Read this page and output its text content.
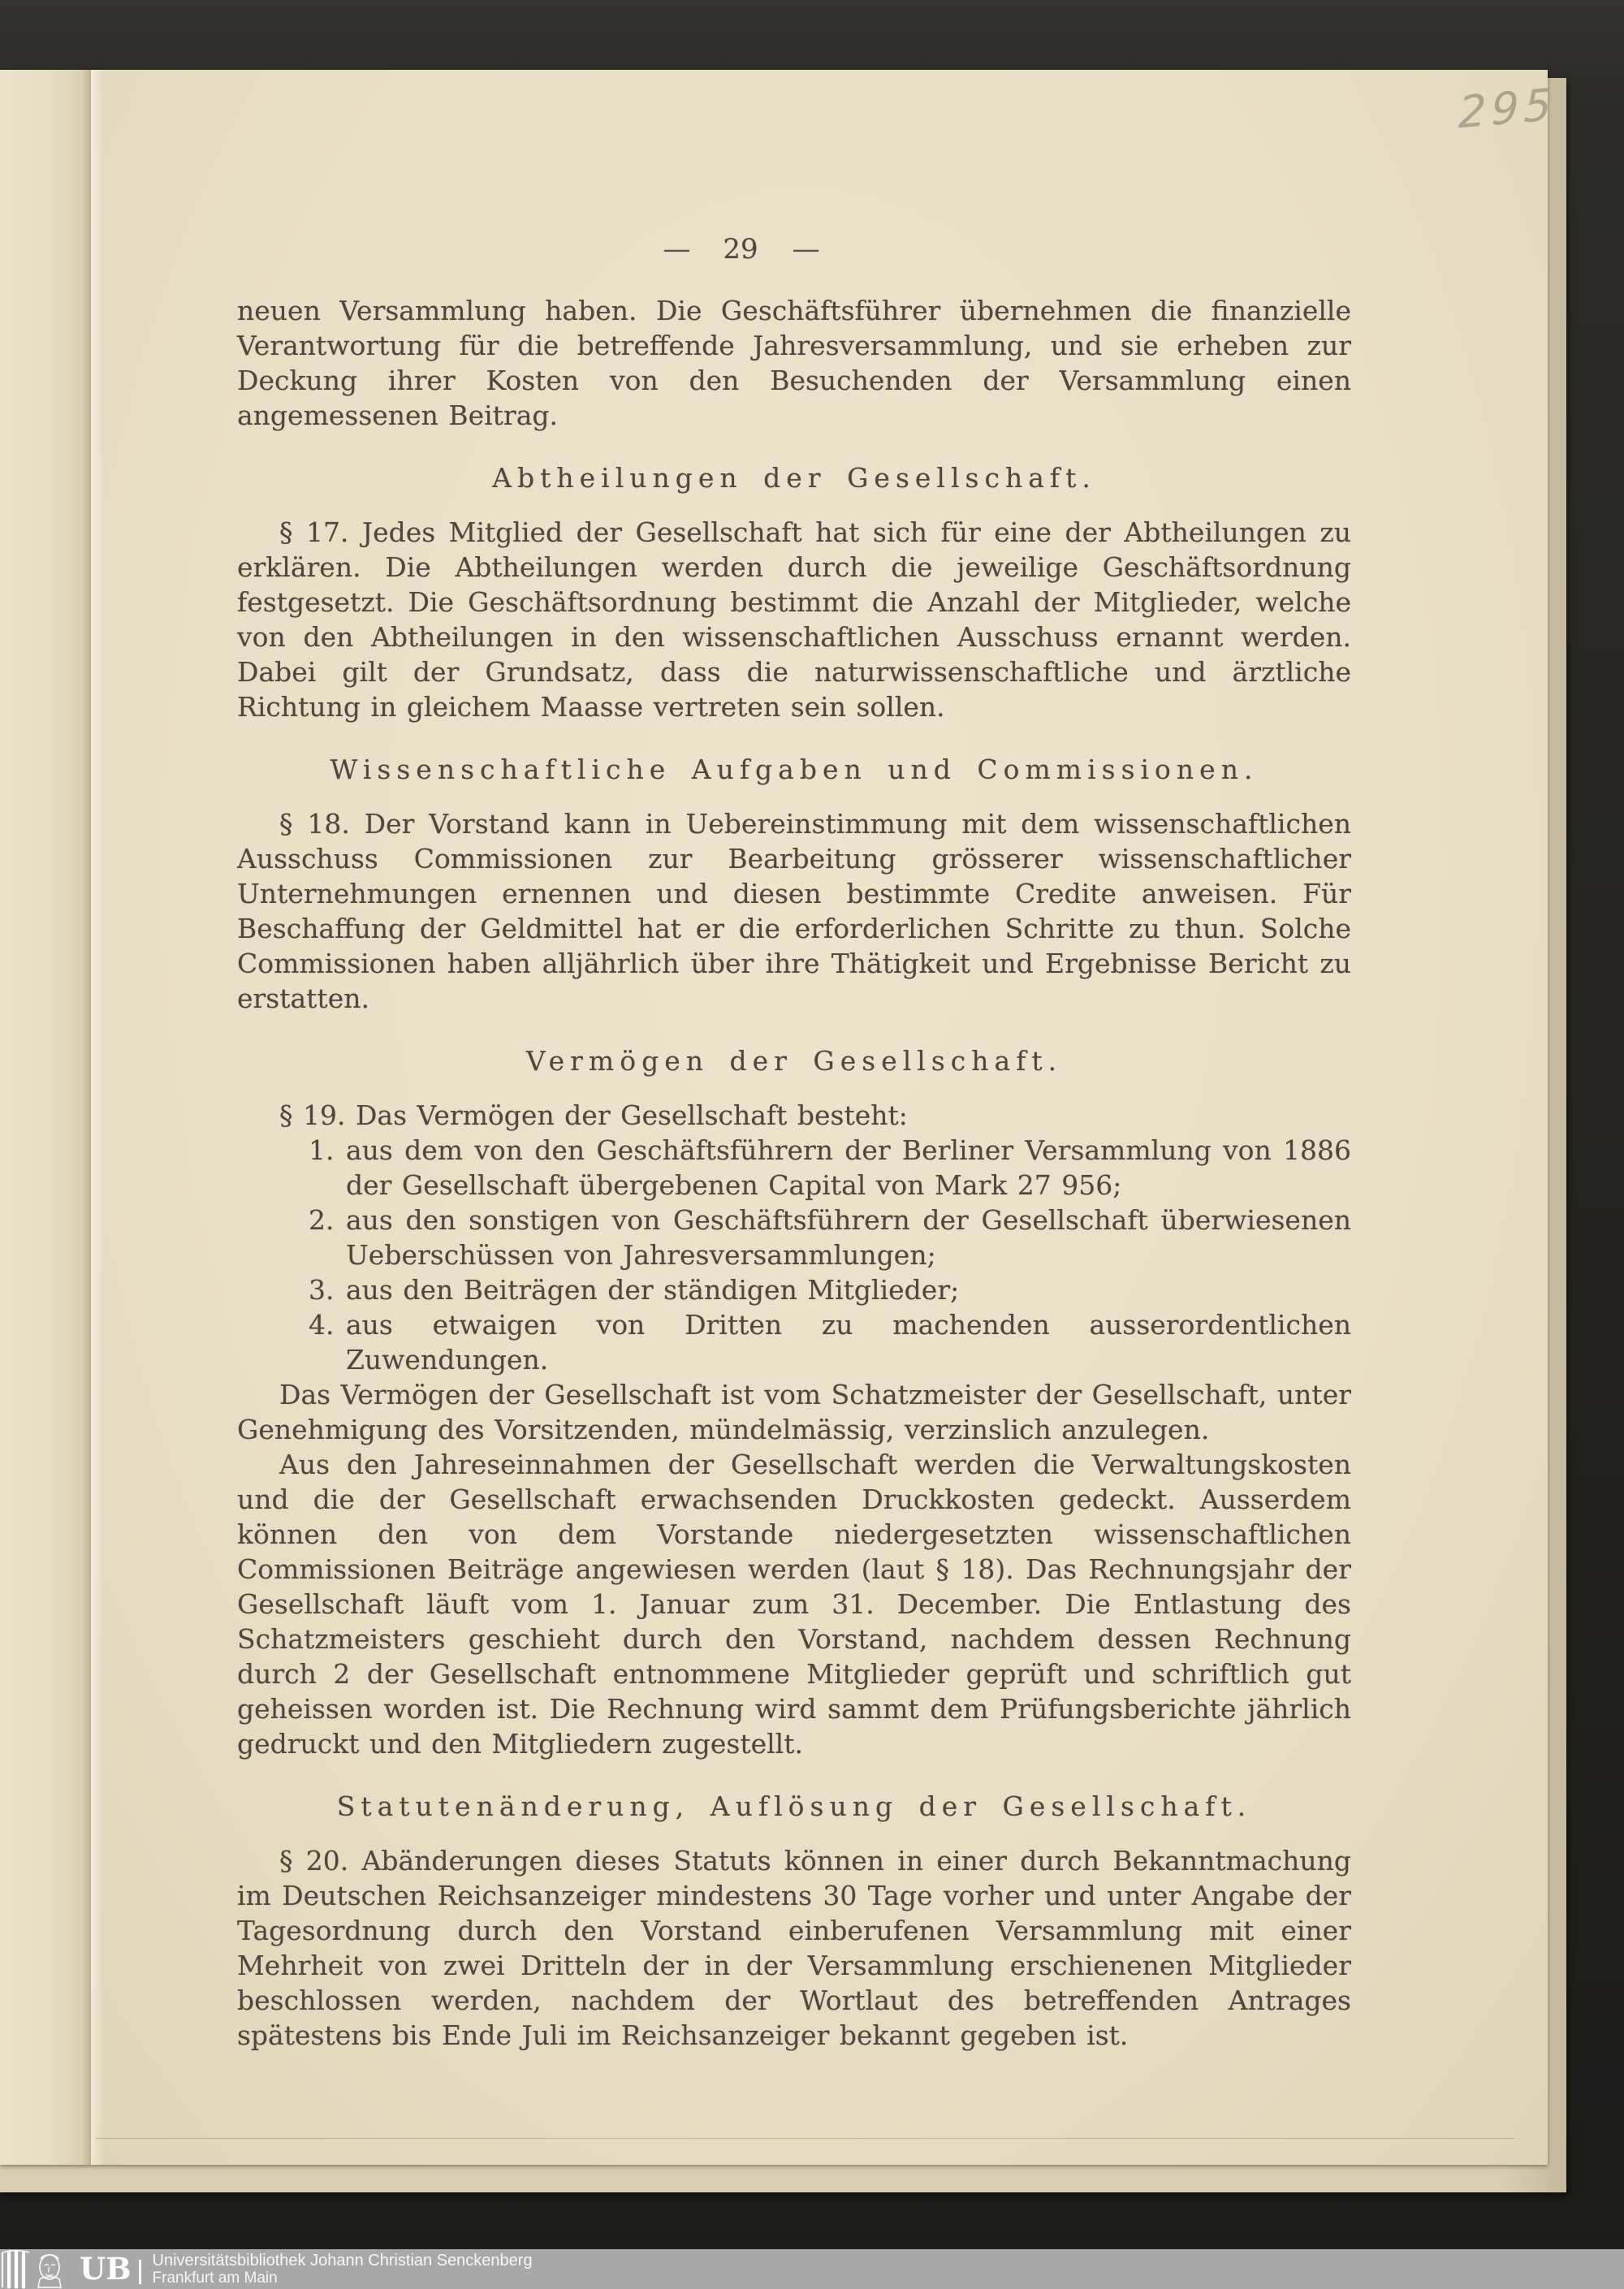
295
— 29 —

neuen Versammlung haben. Die Geschäftsführer übernehmen die finanzielle Verantwortung für die betreffende Jahresversammlung, und sie erheben zur Deckung ihrer Kosten von den Besuchenden der Versammlung einen angemessenen Beitrag.

Abtheilungen der Gesellschaft.

§ 17. Jedes Mitglied der Gesellschaft hat sich für eine der Abtheilungen zu erklären. Die Abtheilungen werden durch die jeweilige Geschäftsordnung festgesetzt. Die Geschäftsordnung bestimmt die Anzahl der Mitglieder, welche von den Abtheilungen in den wissenschaftlichen Ausschuss ernannt werden. Dabei gilt der Grundsatz, dass die naturwissenschaftliche und ärztliche Richtung in gleichem Maasse vertreten sein sollen.

Wissenschaftliche Aufgaben und Commissionen.

§ 18. Der Vorstand kann in Uebereinstimmung mit dem wissenschaftlichen Ausschuss Commissionen zur Bearbeitung grösserer wissenschaftlicher Unternehmungen ernennen und diesen bestimmte Credite anweisen. Für Beschaffung der Geldmittel hat er die erforderlichen Schritte zu thun. Solche Commissionen haben alljährlich über ihre Thätigkeit und Ergebnisse Bericht zu erstatten.

Vermögen der Gesellschaft.

§ 19. Das Vermögen der Gesellschaft besteht:

1. aus dem von den Geschäftsführern der Berliner Versammlung von 1886 der Gesellschaft übergebenen Capital von Mark 27 956;
2. aus den sonstigen von Geschäftsführern der Gesellschaft überwiesenen Ueberschüssen von Jahresversammlungen;
3. aus den Beiträgen der ständigen Mitglieder;
4. aus etwaigen von Dritten zu machenden ausserordentlichen Zuwendungen.

Das Vermögen der Gesellschaft ist vom Schatzmeister der Gesellschaft, unter Genehmigung des Vorsitzenden, mündelmässig, verzinslich anzulegen.

Aus den Jahreseinnahmen der Gesellschaft werden die Verwaltungskosten und die der Gesellschaft erwachsenden Druckkosten gedeckt. Ausserdem können den von dem Vorstande niedergesetzten wissenschaftlichen Commissionen Beiträge angewiesen werden (laut § 18). Das Rechnungsjahr der Gesellschaft läuft vom 1. Januar zum 31. December. Die Entlastung des Schatzmeisters geschieht durch den Vorstand, nachdem dessen Rechnung durch 2 der Gesellschaft entnommene Mitglieder geprüft und schriftlich gut geheissen worden ist. Die Rechnung wird sammt dem Prüfungsberichte jährlich gedruckt und den Mitgliedern zugestellt.

Statutenänderung, Auflösung der Gesellschaft.

§ 20. Abänderungen dieses Statuts können in einer durch Bekanntmachung im Deutschen Reichsanzeiger mindestens 30 Tage vorher und unter Angabe der Tagesordnung durch den Vorstand einberufenen Versammlung mit einer Mehrheit von zwei Dritteln der in der Versammlung erschienenen Mitglieder beschlossen werden, nachdem der Wortlaut des betreffenden Antrages spätestens bis Ende Juli im Reichsanzeiger bekannt gegeben ist.

UB Universitätsbibliothek Johann Christian Senckenberg
Frankfurt am Main
